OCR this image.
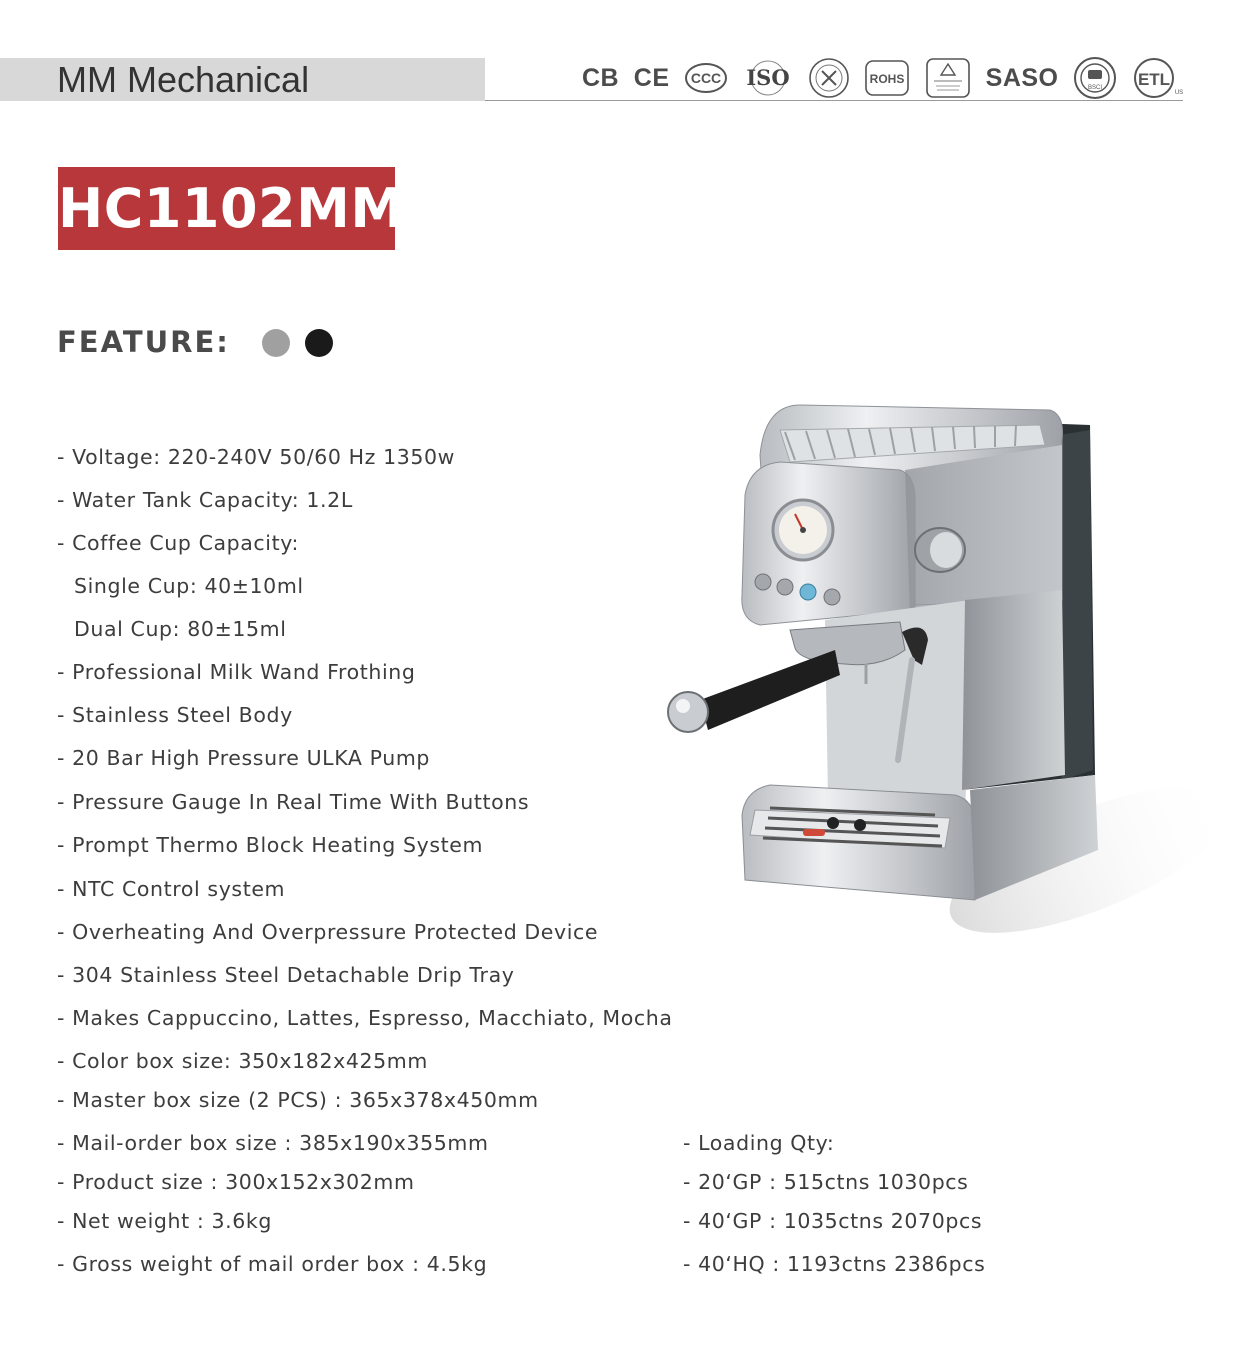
MM Mechanical	CB CE CCC ISO	ROHS	SASO	BSCI ETL
US
HC1102MM
FEATURE:
- Voltage: 220-240V 50/60 Hz 1350w
- Water Tank Capacity: 1.2L
- Coffee Cup Capacity:
Single Cup: 40±10ml
Dual Cup: 80±15ml
- Professional Milk Wand Frothing
- Stainless Steel Body
- 20 Bar High Pressure ULKA Pump
- Pressure Gauge In Real Time With Buttons
- Prompt Thermo Block Heating System
- NTC Control system
- Overheating And Overpressure Protected Device
- 304 Stainless Steel Detachable Drip Tray
- Makes Cappuccino, Lattes, Espresso, Macchiato, Mocha
- Color box size: 350x182x425mm
- Master box size (2 PCS) : 365x378x450mm
- Mail-order box size : 385x190x355mm
- Product size : 300x152x302mm
- Net weight : 3.6kg
- Gross weight of mail order box : 4.5kg
- Loading Qty:
- 20‘GP : 515ctns 1030pcs
- 40‘GP : 1035ctns 2070pcs
- 40‘HQ : 1193ctns 2386pcs
